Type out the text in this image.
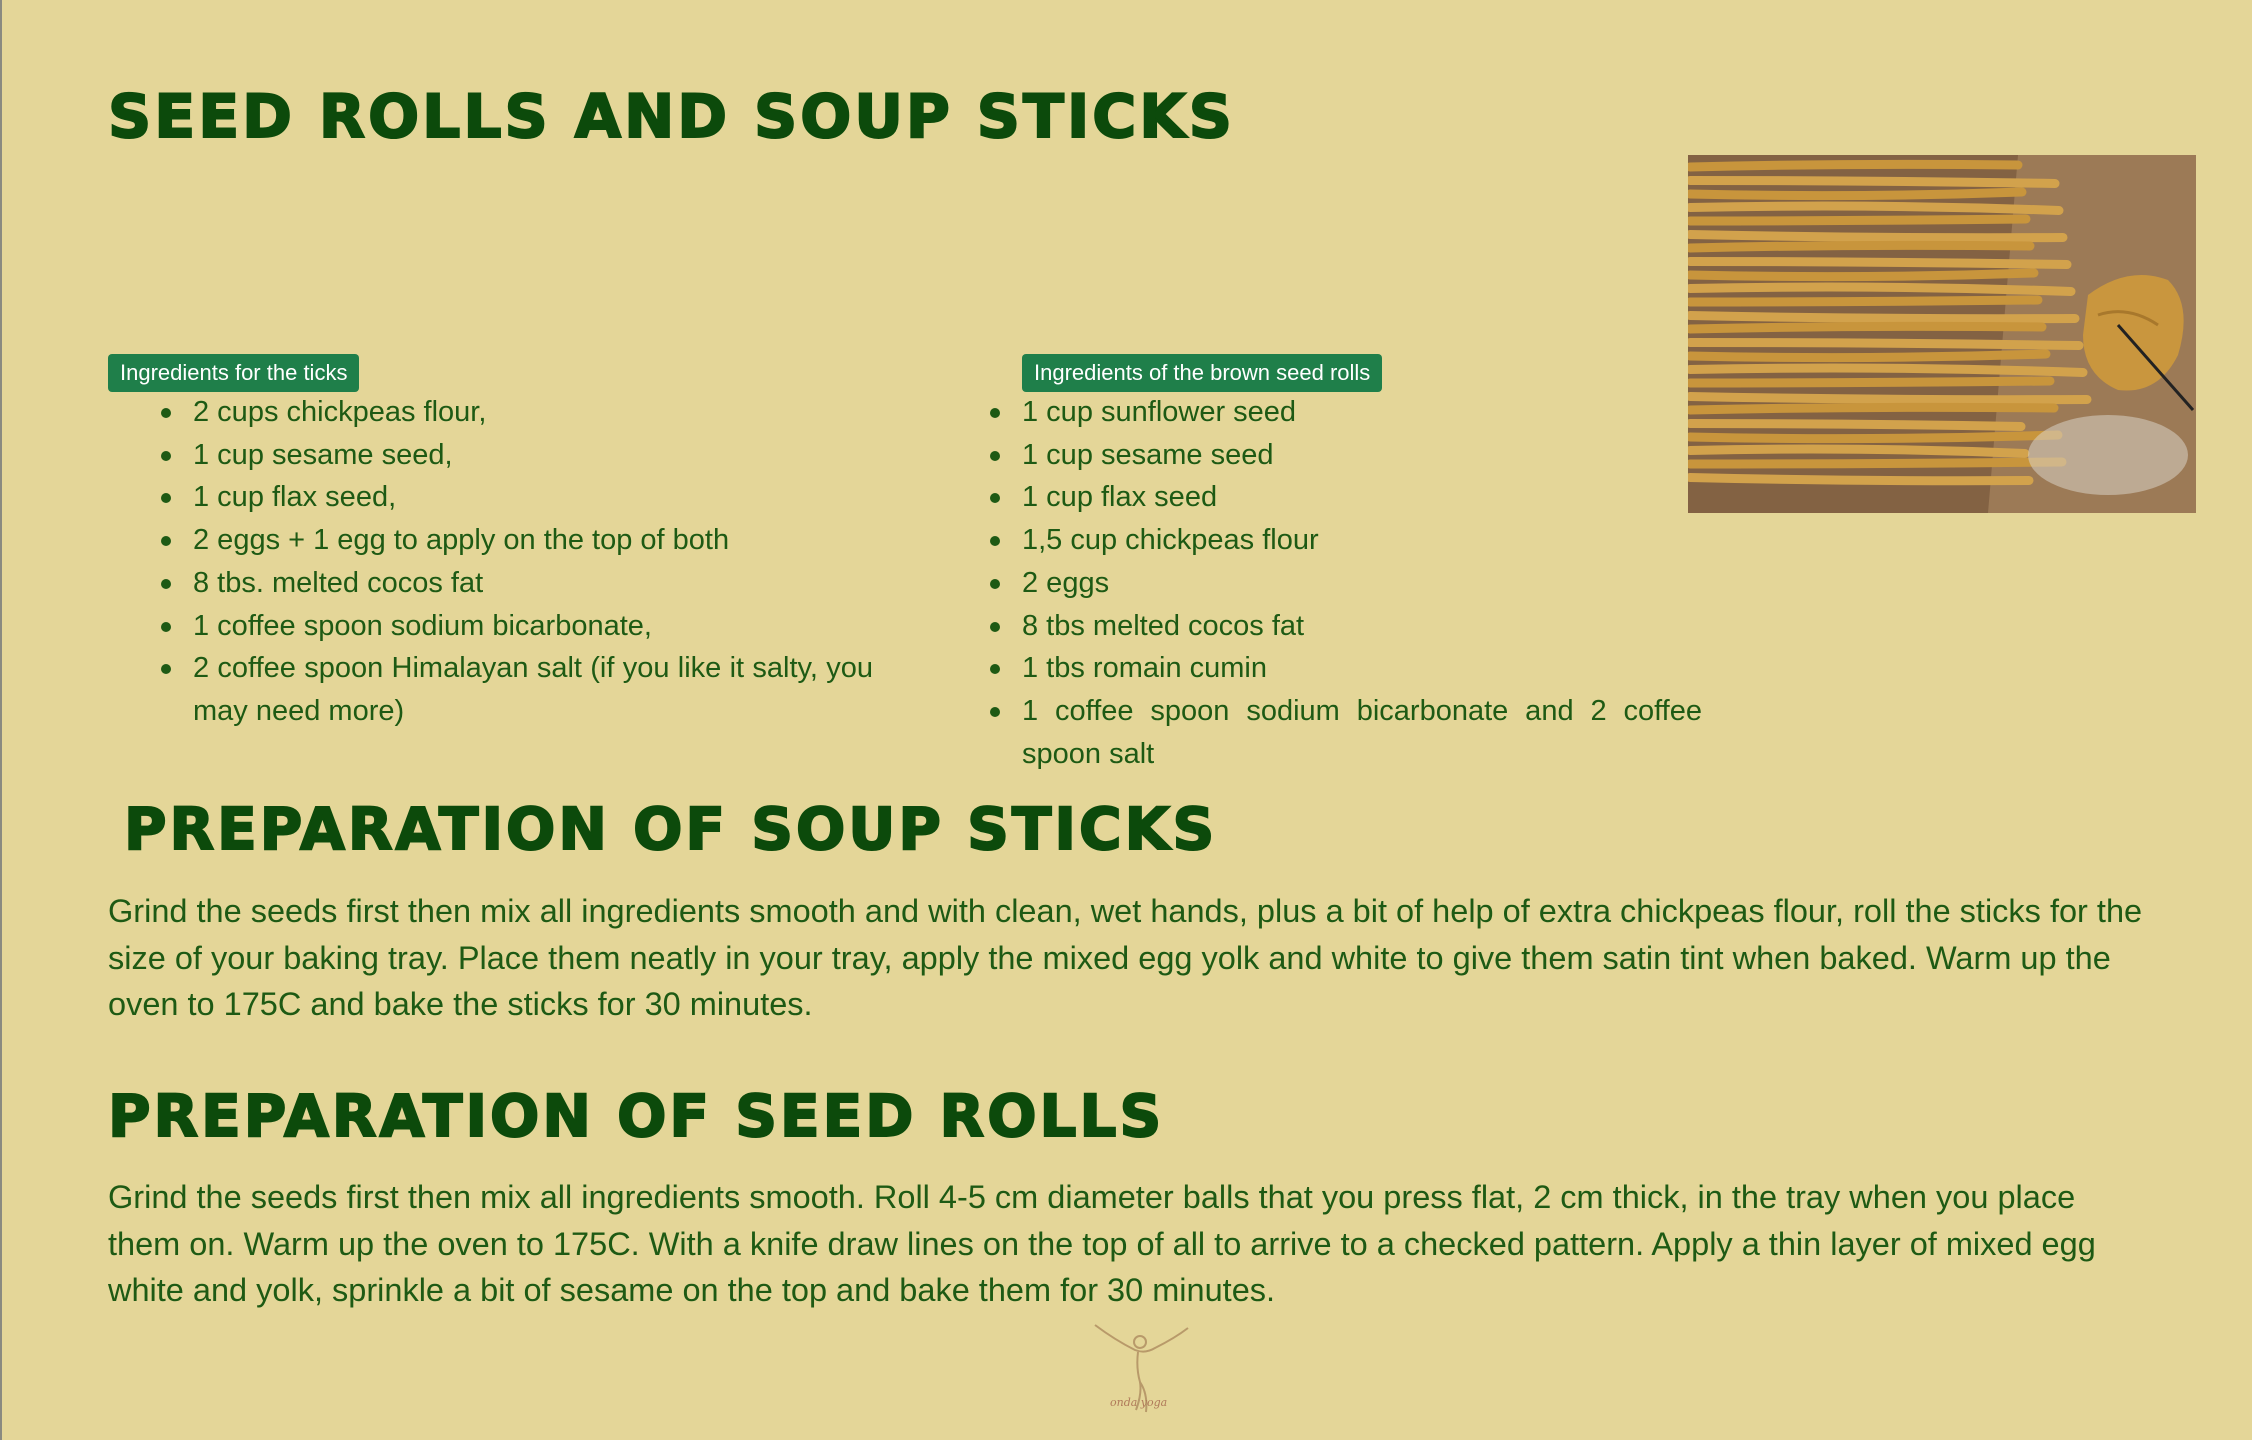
SEED ROLLS AND SOUP STICKS
Ingredients for the ticks
2 cups chickpeas flour,
1 cup sesame seed,
1 cup flax seed,
2 eggs + 1 egg to apply on the top of both
8 tbs. melted cocos fat
1 coffee spoon sodium bicarbonate,
2 coffee spoon Himalayan salt (if you like it salty, you may need more)
Ingredients of the brown seed rolls
1 cup sunflower seed
1 cup sesame seed
1 cup flax seed
1,5 cup chickpeas flour
2 eggs
8 tbs melted cocos fat
1 tbs romain cumin
1 coffee spoon sodium bicarbonate and 2 coffee spoon salt
PREPARATION OF SOUP STICKS

Grind the seeds first then mix all ingredients smooth and with clean, wet hands, plus a bit of help of extra chickpeas flour, roll the sticks for the size of your baking tray. Place them neatly in your tray, apply the mixed egg yolk and white to give them satin tint when baked. Warm up the oven to 175C and bake the sticks for 30 minutes.

PREPARATION OF SEED ROLLS

Grind the seeds first then mix all ingredients smooth. Roll 4-5 cm diameter balls that you press flat, 2 cm thick, in the tray when you place them on. Warm up the oven to 175C. With a knife draw lines on the top of all to arrive to a checked pattern. Apply a thin layer of mixed egg white and yolk, sprinkle a bit of sesame on the top and bake them for 30 minutes.

onda yoga
